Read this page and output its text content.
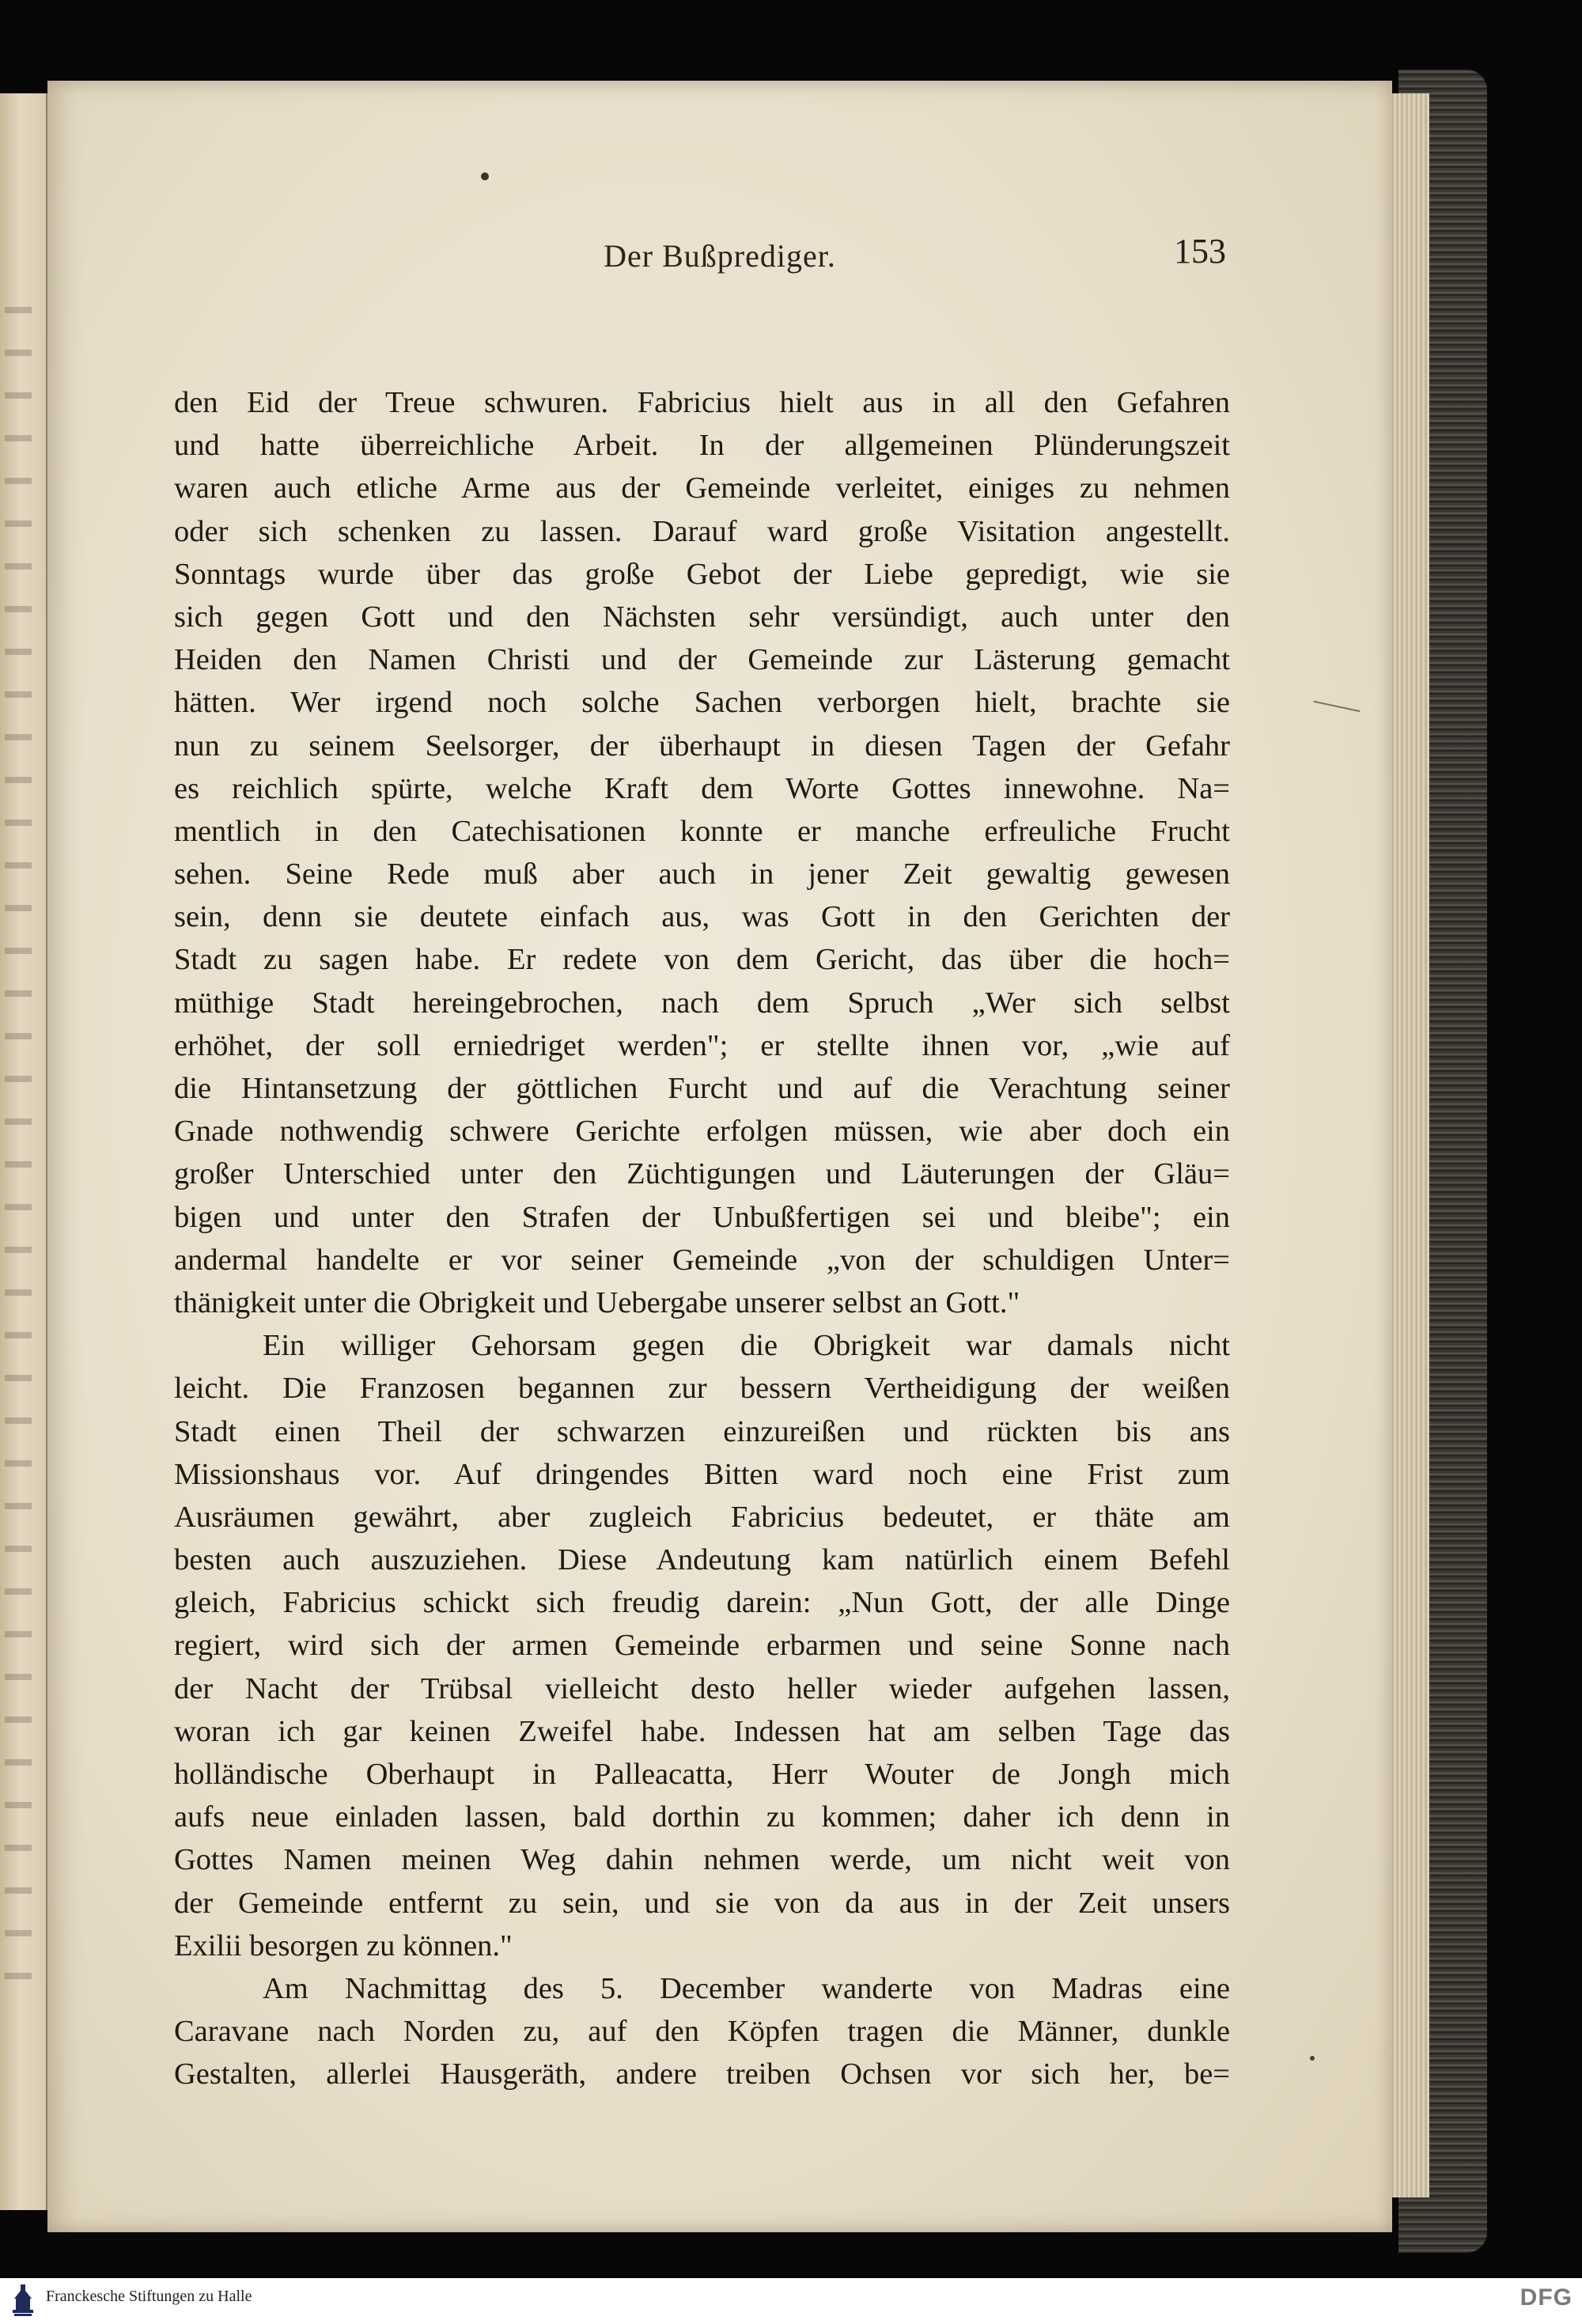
Der Bußprediger.	153
den Eid der Treue schwuren. Fabricius hielt aus in all den Gefahren
und hatte überreichliche Arbeit. In der allgemeinen Plünderungszeit
waren auch etliche Arme aus der Gemeinde verleitet, einiges zu nehmen
oder sich schenken zu lassen. Darauf ward große Visitation angestellt.
Sonntags wurde über das große Gebot der Liebe gepredigt, wie sie
sich gegen Gott und den Nächsten sehr versündigt, auch unter den
Heiden den Namen Christi und der Gemeinde zur Lästerung gemacht
hätten. Wer irgend noch solche Sachen verborgen hielt, brachte sie
nun zu seinem Seelsorger, der überhaupt in diesen Tagen der Gefahr
es reichlich spürte, welche Kraft dem Worte Gottes innewohne. Na=
mentlich in den Catechisationen konnte er manche erfreuliche Frucht
sehen. Seine Rede muß aber auch in jener Zeit gewaltig gewesen
sein, denn sie deutete einfach aus, was Gott in den Gerichten der
Stadt zu sagen habe. Er redete von dem Gericht, das über die hoch=
müthige Stadt hereingebrochen, nach dem Spruch „Wer sich selbst
erhöhet, der soll erniedriget werden"; er stellte ihnen vor, „wie auf
die Hintansetzung der göttlichen Furcht und auf die Verachtung seiner
Gnade nothwendig schwere Gerichte erfolgen müssen, wie aber doch ein
großer Unterschied unter den Züchtigungen und Läuterungen der Gläu=
bigen und unter den Strafen der Unbußfertigen sei und bleibe"; ein
andermal handelte er vor seiner Gemeinde „von der schuldigen Unter=
thänigkeit unter die Obrigkeit und Uebergabe unserer selbst an Gott."
Ein williger Gehorsam gegen die Obrigkeit war damals nicht
leicht. Die Franzosen begannen zur bessern Vertheidigung der weißen
Stadt einen Theil der schwarzen einzureißen und rückten bis ans
Missionshaus vor. Auf dringendes Bitten ward noch eine Frist zum
Ausräumen gewährt, aber zugleich Fabricius bedeutet, er thäte am
besten auch auszuziehen. Diese Andeutung kam natürlich einem Befehl
gleich, Fabricius schickt sich freudig darein: „Nun Gott, der alle Dinge
regiert, wird sich der armen Gemeinde erbarmen und seine Sonne nach
der Nacht der Trübsal vielleicht desto heller wieder aufgehen lassen,
woran ich gar keinen Zweifel habe. Indessen hat am selben Tage das
holländische Oberhaupt in Palleacatta, Herr Wouter de Jongh mich
aufs neue einladen lassen, bald dorthin zu kommen; daher ich denn in
Gottes Namen meinen Weg dahin nehmen werde, um nicht weit von
der Gemeinde entfernt zu sein, und sie von da aus in der Zeit unsers
Exilii besorgen zu können."
Am Nachmittag des 5. December wanderte von Madras eine
Caravane nach Norden zu, auf den Köpfen tragen die Männer, dunkle
Gestalten, allerlei Hausgeräth, andere treiben Ochsen vor sich her, be=
Franckesche Stiftungen zu Halle	DFG
